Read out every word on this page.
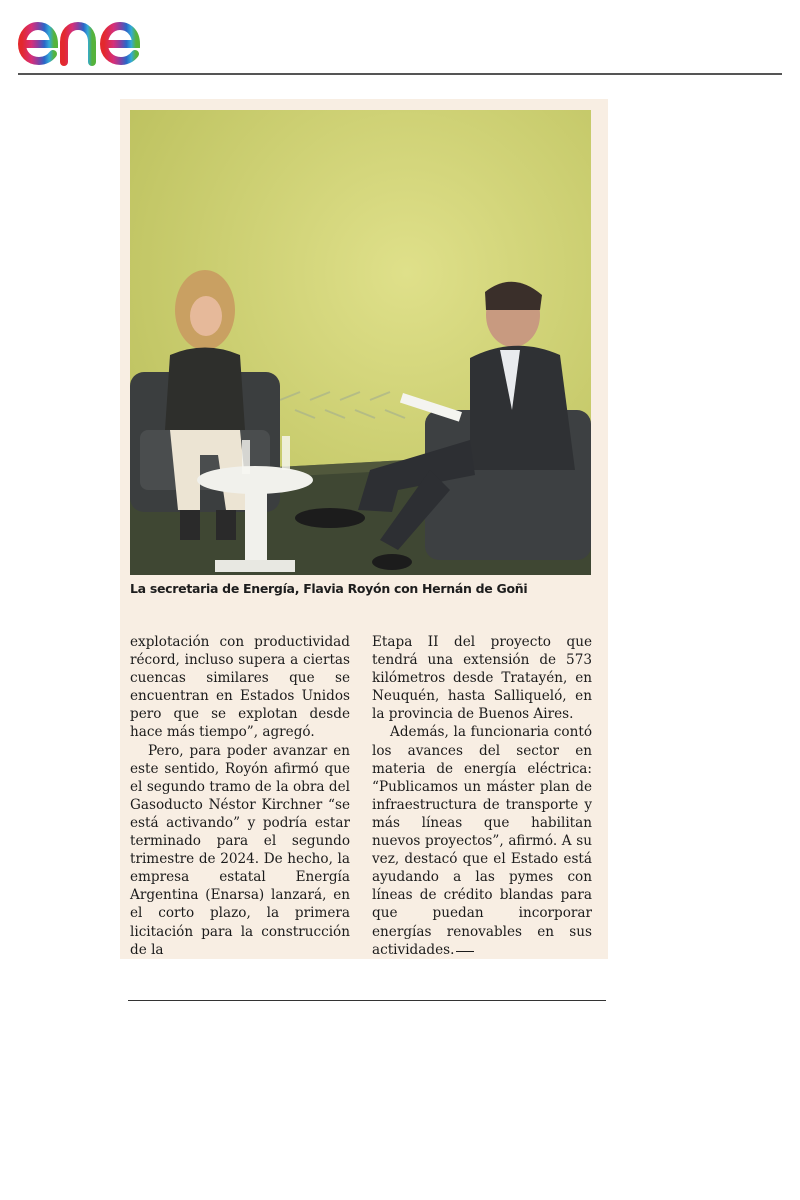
La secretaria de Energía, Flavia Royón con Hernán de Goñi

explotación con productividad récord, incluso supera a ciertas cuencas similares que se encuentran en Estados Unidos pero que se explotan desde hace más tiempo”, agregó.

Pero, para poder avanzar en este sentido, Royón afirmó que el segundo tramo de la obra del Gasoducto Néstor Kirchner “se está activando” y podría estar terminado para el segundo trimestre de 2024. De hecho, la empresa estatal Energía Argentina (Enarsa) lanzará, en el corto plazo, la primera licitación para la construcción de la

Etapa II del proyecto que tendrá una extensión de 573 kilómetros desde Tratayén, en Neuquén, hasta Salliqueló, en la provincia de Buenos Aires.

Además, la funcionaria contó los avances del sector en materia de energía eléctrica: “Publicamos un máster plan de infraestructura de transporte y más líneas que habilitan nuevos proyectos”, afirmó. A su vez, destacó que el Estado está ayudando a las pymes con líneas de crédito blandas para que puedan incorporar energías renovables en sus actividades.
